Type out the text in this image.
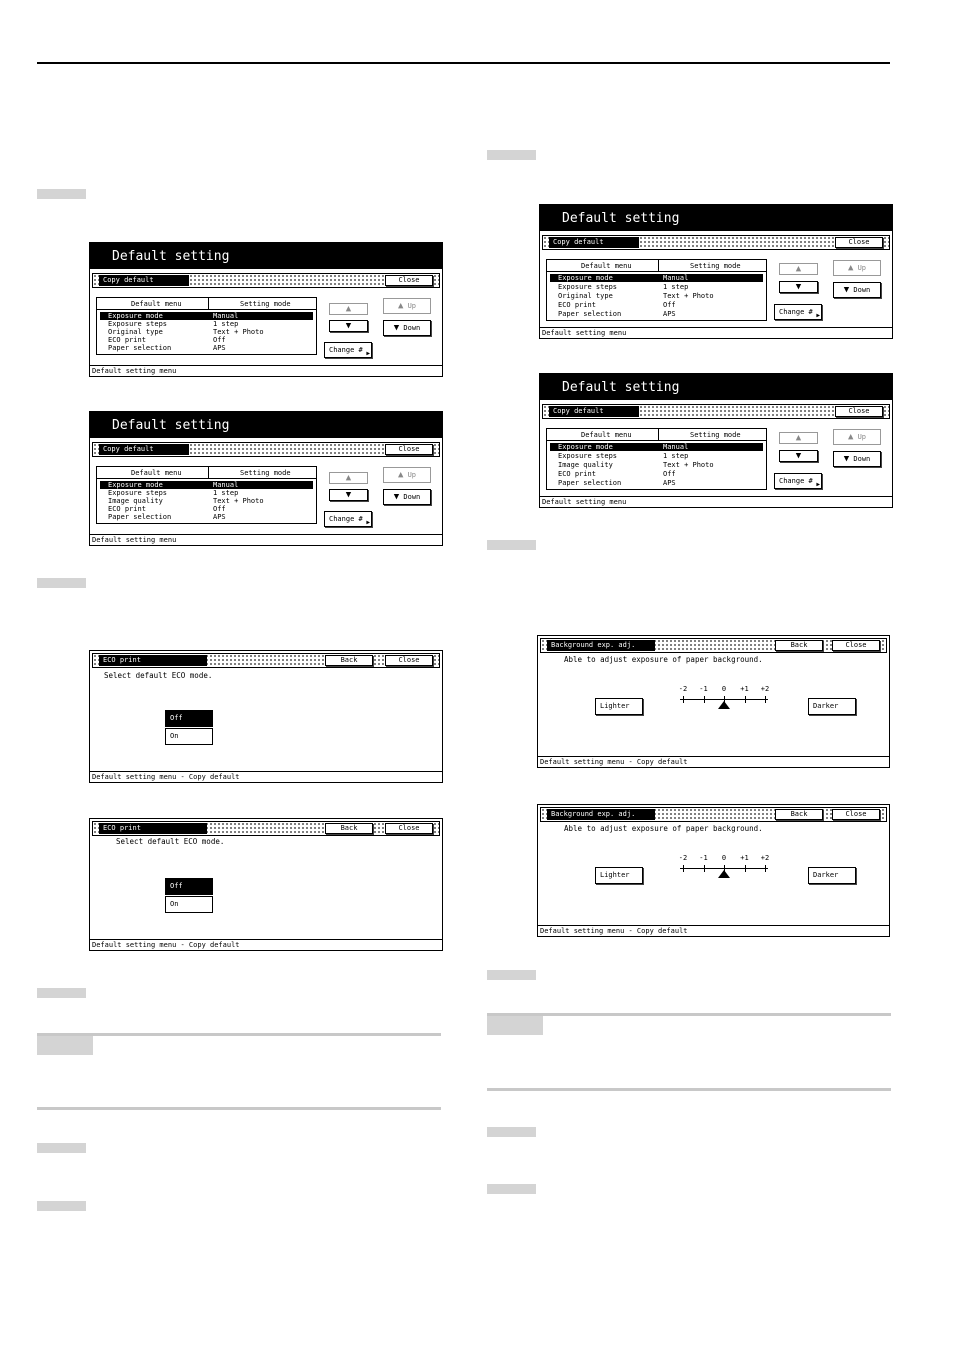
Default setting
Copy default	Close
Default menu	Setting mode
Exposure mode	Manual
Exposure steps	1 step
Original type	Text + Photo
ECO print	Off
Paper selection	APS
▲
▼
▲
Up
▼
Down
Change # ▶
Default setting menu
Default setting
Copy default	Close
Default menu	Setting mode
Exposure mode	Manual
Exposure steps	1 step
Image quality	Text + Photo
ECO print	Off
Paper selection	APS
▲
▼
▲
Up
▼
Down
Change # ▶
Default setting menu
ECO print	Back	Close
Select default ECO mode.
Off
On
Default setting menu - Copy default
ECO print	Back	Close
Select default ECO mode.
Off
On
Default setting menu - Copy default
Default setting
Copy default	Close
Default menu	Setting mode
Exposure mode	Manual
Exposure steps	1 step
Original type	Text + Photo
ECO print	Off
Paper selection	APS
▲
▼
▲
Up
▼
Down
Change # ▶
Default setting menu
Default setting
Copy default	Close
Default menu	Setting mode
Exposure mode	Manual
Exposure steps	1 step
Image quality	Text + Photo
ECO print	Off
Paper selection	APS
▲
▼
▲
Up
▼
Down
Change # ▶
Default setting menu
Background exp. adj.	Back	Close
Able to adjust exposure of paper background.
Lighter	Darker
-2 -1 0 +1 +2
Default setting menu - Copy default
Background exp. adj.	Back	Close
Able to adjust exposure of paper background.
Lighter	Darker
-2 -1 0 +1 +2
Default setting menu - Copy default
